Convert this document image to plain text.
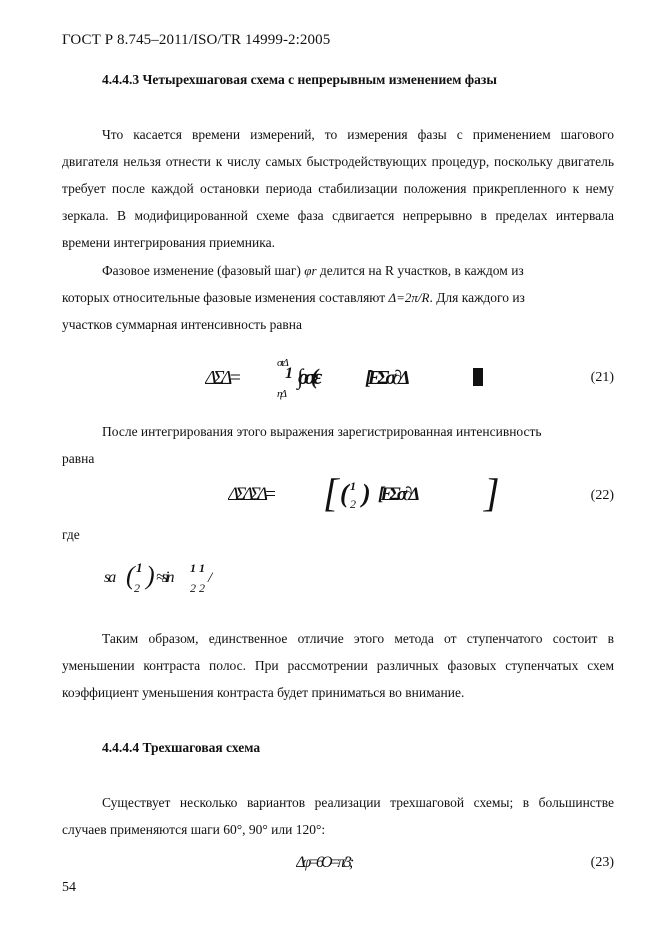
ГОСТ Р 8.745–2011/ISO/TR 14999-2:2005
4.4.4.3 Четырехшаговая схема с непрерывным изменением фазы

Что касается времени измерений, то измерения фазы с применением шагового двигателя нельзя отнести к числу самых быстродействующих процедур, поскольку двигатель требует после каждой остановки периода стабилизации положения прикрепленного к нему зеркала. В модифицированной схеме фаза сдвигается непрерывно в пределах интервала времени интегрирования приемника.

Фазовое изменение (фазовый шаг) φr делится на R участков, в каждом из
которых относительные фазовые изменения составляют Δ=2π/R. Для каждого из
участков суммарная интенсивность равна
ΔΣΔ=
στΔ
1
ηΔ
∫οσ(ε [ΕΣσ∂Δ	(21)
После интегрирования этого выражения зарегистрированная интенсивность
равна
ΔΣΔΣΔ= [ ( 1
2 ) [ΕΣσ∂Δ ]	(22)
где
sa ( 1
2 ) ≈sin
1 1
2 2
/

Таким образом, единственное отличие этого метода от ступенчатого состоит в уменьшении контраста полос. При рассмотрении различных фазовых ступенчатых схем коэффициент уменьшения контраста будет приниматься во внимание.

4.4.4.4 Трехшаговая схема

Существует несколько вариантов реализации трехшаговой схемы; в большинстве случаев применяются шаги 60°, 90° или 120°:

Δφ=6Ο=π/3;	(23)
54
